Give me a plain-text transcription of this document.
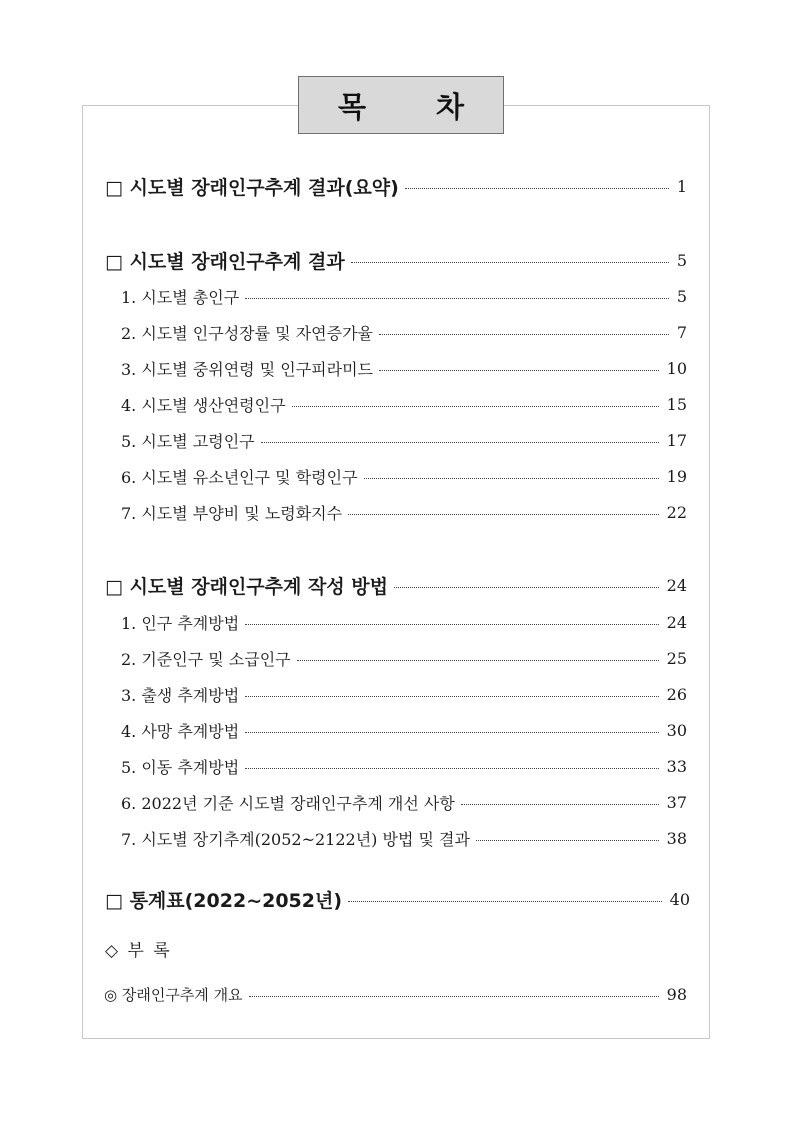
목 차
□ 시도별 장래인구추계 결과(요약)	1
□ 시도별 장래인구추계 결과	5
1. 시도별 총인구	5
2. 시도별 인구성장률 및 자연증가율	7
3. 시도별 중위연령 및 인구피라미드	10
4. 시도별 생산연령인구	15
5. 시도별 고령인구	17
6. 시도별 유소년인구 및 학령인구	19
7. 시도별 부양비 및 노령화지수	22
□ 시도별 장래인구추계 작성 방법	24
1. 인구 추계방법	24
2. 기준인구 및 소급인구	25
3. 출생 추계방법	26
4. 사망 추계방법	30
5. 이동 추계방법	33
6. 2022년 기준 시도별 장래인구추계 개선 사항	37
7. 시도별 장기추계(2052~2122년) 방법 및 결과	38
□ 통계표(2022~2052년)	40
◇ 부 록
◎ 장래인구추계 개요	98
